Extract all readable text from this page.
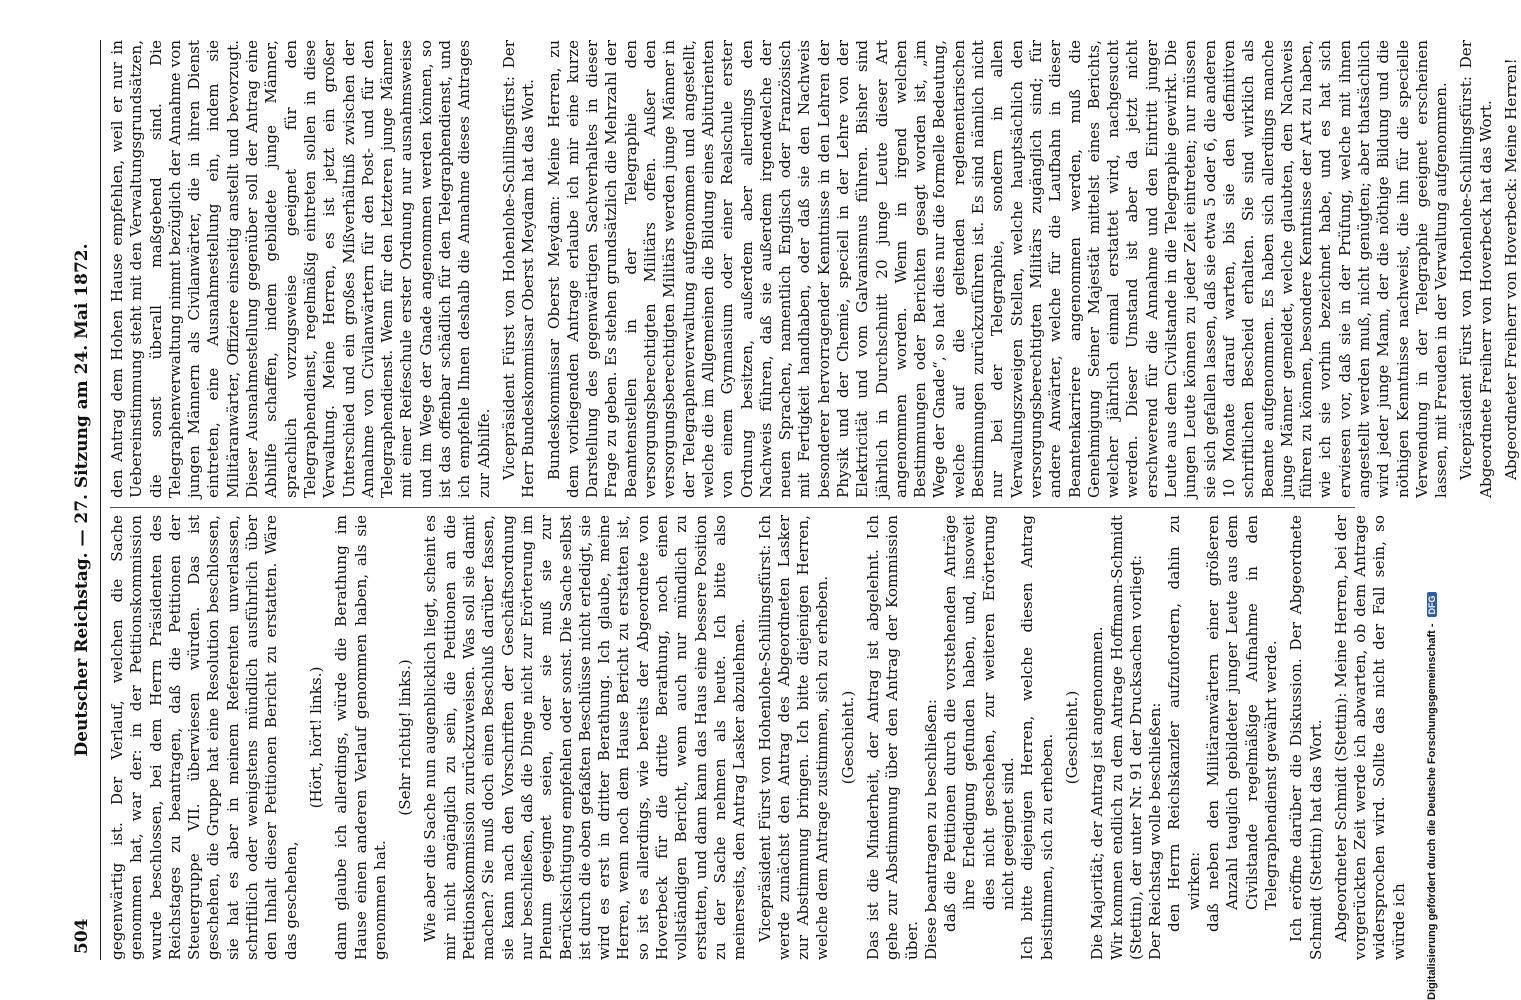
504
Deutscher Reichstag. — 27. Sitzung am 24. Mai 1872. gegenwärtig ist. Der Verlauf, welchen die Sache genommen hat, war der: in der Petitionskommission wurde beschlossen, bei dem Herrn Präsidenten des Reichstages zu beantragen, daß die Petitionen der Steuergruppe VII. überwiesen würden. Das ist geschehen, die Gruppe hat eine Resolution beschlossen, sie hat es aber in meinem Referenten unverlassen, schriftlich oder wenigstens mündlich ausführlich über den Inhalt dieser Petitionen Bericht zu erstatten. Wäre das geschehen,

(Hört, hört! links.) dann glaube ich allerdings, würde die Berathung im Hause einen anderen Verlauf genommen haben, als sie genommen hat.

(Sehr richtig! links.) Wie aber die Sache nun augenblicklich liegt, scheint es mir nicht angänglich zu sein, die Petitionen an die Petitionskommission zurückzuweisen. Was soll sie damit machen? Sie muß doch einen Beschluß darüber fassen, sie kann nach den Vorschriften der Geschäftsordnung nur beschließen, daß die Dinge nicht zur Erörterung im Plenum geeignet seien, oder sie muß sie zur Berücksichtigung empfehlen oder sonst. Die Sache selbst ist durch die oben gefaßten Beschlüsse nicht erledigt, sie wird es erst in dritter Berathung. Ich glaube, meine Herren, wenn noch dem Hause Bericht zu erstatten ist, so ist es allerdings, wie bereits der Abgeordnete von Hoverbeck für die dritte Berathung, noch einen vollständigen Bericht, wenn auch nur mündlich zu erstatten, und dann kann das Haus eine bessere Position zu der Sache nehmen als heute. Ich bitte also meinerseits, den Antrag Lasker abzulehnen. Vicepräsident Fürst von Hohenlohe-Schillingsfürst: Ich werde zunächst den Antrag des Abgeordneten Lasker zur Abstimmung bringen. Ich bitte diejenigen Herren, welche dem Antrage zustimmen, sich zu erheben. (Geschieht.) Das ist die Minderheit, der Antrag ist abgelehnt. Ich gehe zur Abstimmung über den Antrag der Kommission über. Diese beantragen zu beschließen: daß die Petitionen durch die vorstehenden Anträge ihre Erledigung gefunden haben, und, insoweit dies nicht geschehen, zur weiteren Erörterung nicht geeignet sind. Ich bitte diejenigen Herren, welche diesen Antrag beistimmen, sich zu erheben. (Geschieht.) Die Majorität; der Antrag ist angenommen. Wir kommen endlich zu dem Antrage Hoffmann-Schmidt (Stettin), der unter Nr. 91 der Drucksachen vorliegt: Der Reichstag wolle beschließen: den Herrn Reichskanzler aufzufordern, dahin zu wirken: daß neben den Militäranwärtern einer größeren Anzahl tauglich gebildeter junger Leute aus dem Civilstande regelmäßige Aufnahme in den Telegraphendienst gewährt werde. Ich eröffne darüber die Diskussion. Der Abgeordnete Schmidt (Stettin) hat das Wort. Abgeordneter Schmidt (Stettin): Meine Herren, bei der vorgerückten Zeit werde ich abwarten, ob dem Antrage widersprochen wird. Sollte das nicht der Fall sein, so würde ich

den Antrag dem Hohen Hause empfehlen, weil er nur in Uebereinstimmung steht mit den Verwaltungsgrundsätzen, die sonst überall maßgebend sind. Die Telegraphenverwaltung nimmt bezüglich der Annahme von jungen Männern als Civilanwärter, die in ihren Dienst eintreten, eine Ausnahmestellung ein, indem sie Militäranwärter, Offiziere einseitig anstellt und bevorzugt. Dieser Ausnahmestellung gegenüber soll der Antrag eine Abhilfe schaffen, indem gebildete junge Männer, sprachlich vorzugsweise geeignet für den Telegraphendienst, regelmäßig eintreten sollen in diese Verwaltung. Meine Herren, es ist jetzt ein großer Unterschied und ein großes Mißverhältniß zwischen der Annahme von Civilanwärtern für den Post- und für den Telegraphendienst. Wenn für den letzteren junge Männer mit einer Reifeschule erster Ordnung nur ausnahmsweise und im Wege der Gnade angenommen werden können, so ist das offenbar schädlich für den Telegraphendienst, und ich empfehle Ihnen deshalb die Annahme dieses Antrages zur Abhilfe. Vicepräsident Fürst von Hohenlohe-Schillingsfürst: Der Herr Bundeskommissar Oberst Meydam hat das Wort. Bundeskommissar Oberst Meydam: Meine Herren, zu dem vorliegenden Antrage erlaube ich mir eine kurze Darstellung des gegenwärtigen Sachverhaltes in dieser Frage zu geben. Es stehen grundsätzlich die Mehrzahl der Beamtenstellen in der Telegraphie den versorgungsberechtigten Militärs offen. Außer den versorgungsberechtigten Militärs werden junge Männer in der Telegraphenverwaltung aufgenommen und angestellt, welche die im Allgemeinen die Bildung eines Abiturienten von einem Gymnasium oder einer Realschule erster Ordnung besitzen, außerdem aber allerdings den Nachweis führen, daß sie außerdem irgendwelche der neuen Sprachen, namentlich Englisch oder Französisch mit Fertigkeit handhaben, oder daß sie den Nachweis besonderer hervorragender Kenntnisse in den Lehren der Physik und der Chemie, speciell in der Lehre von der Elektricität und vom Galvanismus führen. Bisher sind jährlich in Durchschnitt 20 junge Leute dieser Art angenommen worden. Wenn in irgend welchen Bestimmungen oder Berichten gesagt worden ist, „im Wege der Gnade“, so hat dies nur die formelle Bedeutung, welche auf die geltenden reglementarischen Bestimmungen zurückzuführen ist. Es sind nämlich nicht nur bei der Telegraphie, sondern in allen Verwaltungszweigen Stellen, welche hauptsächlich den versorgungsberechtigten Militärs zugänglich sind; für andere Anwärter, welche für die Laufbahn in dieser Beamtenkarriere angenommen werden, muß die Genehmigung Seiner Majestät mittelst eines Berichts, welcher jährlich einmal erstattet wird, nachgesucht werden. Dieser Umstand ist aber da jetzt nicht erschwerend für die Annahme und den Eintritt junger Leute aus dem Civilstande in die Telegraphie gewirkt. Die jungen Leute können zu jeder Zeit eintreten; nur müssen sie sich gefallen lassen, daß sie etwa 5 oder 6, die anderen 10 Monate darauf warten, bis sie den definitiven schriftlichen Bescheid erhalten. Sie sind wirklich als Beamte aufgenommen. Es haben sich allerdings manche junge Männer gemeldet, welche glaubten, den Nachweis führen zu können, besondere Kenntnisse der Art zu haben, wie ich sie vorhin bezeichnet habe, und es hat sich erwiesen vor, daß sie in der Prüfung, welche mit ihnen angestellt werden muß, nicht genügten; aber thatsächlich wird jeder junge Mann, der die nöthige Bildung und die nöthigen Kenntnisse nachweist, die ihn für die specielle Verwendung in der Telegraphie geeignet erscheinen lassen, mit Freuden in der Verwaltung aufgenommen. Vicepräsident Fürst von Hohenlohe-Schillingsfürst: Der Abgeordnete Freiherr von Hoverbeck hat das Wort. Abgeordneter Freiherr von Hoverbeck: Meine Herren!

Digitalisierung gefördert durch die Deutsche Forschungsgemeinschaft -DFG
